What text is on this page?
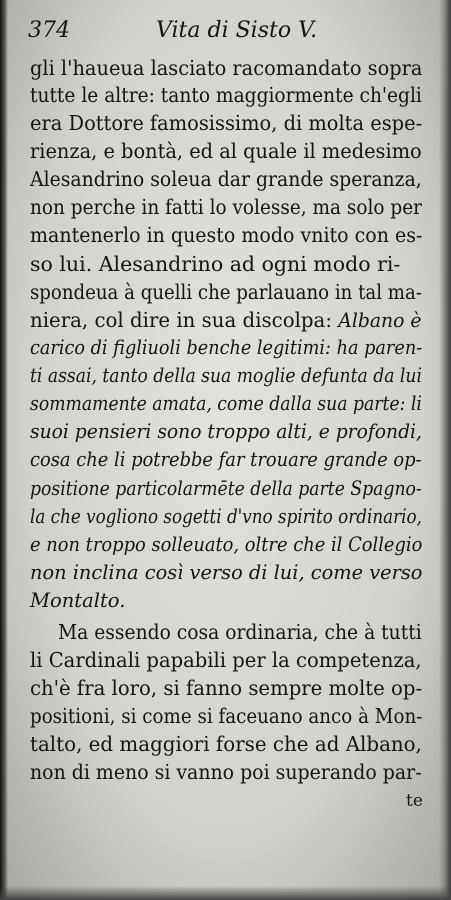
374	Vita di Sisto V.
gli l'haueua lasciato racomandato sopra
tutte le altre: tanto maggiormente ch'egli
era Dottore famosissimo, di molta espe-
rienza, e bontà, ed al quale il medesimo
Alesandrino soleua dar grande speranza,
non perche in fatti lo volesse, ma solo per
mantenerlo in questo modo vnito con es-
so lui. Alesandrino ad ogni modo ri-
spondeua à quelli che parlauano in tal ma-
niera, col dire in sua discolpa: Albano è
carico di figliuoli benche legitimi: ha paren-
ti assai, tanto della sua moglie defunta da lui
sommamente amata, come dalla sua parte: li
suoi pensieri sono troppo alti, e profondi,
cosa che li potrebbe far trouare grande op-
positione particolarmēte della parte Spagno-
la che vogliono sogetti d'vno spirito ordinario,
e non troppo solleuato, oltre che il Collegio
non inclina così verso di lui, come verso
Montalto.
Ma essendo cosa ordinaria, che à tutti
li Cardinali papabili per la competenza,
ch'è fra loro, si fanno sempre molte op-
positioni, si come si faceuano anco à Mon-
talto, ed maggiori forse che ad Albano,
non di meno si vanno poi superando par-
te
